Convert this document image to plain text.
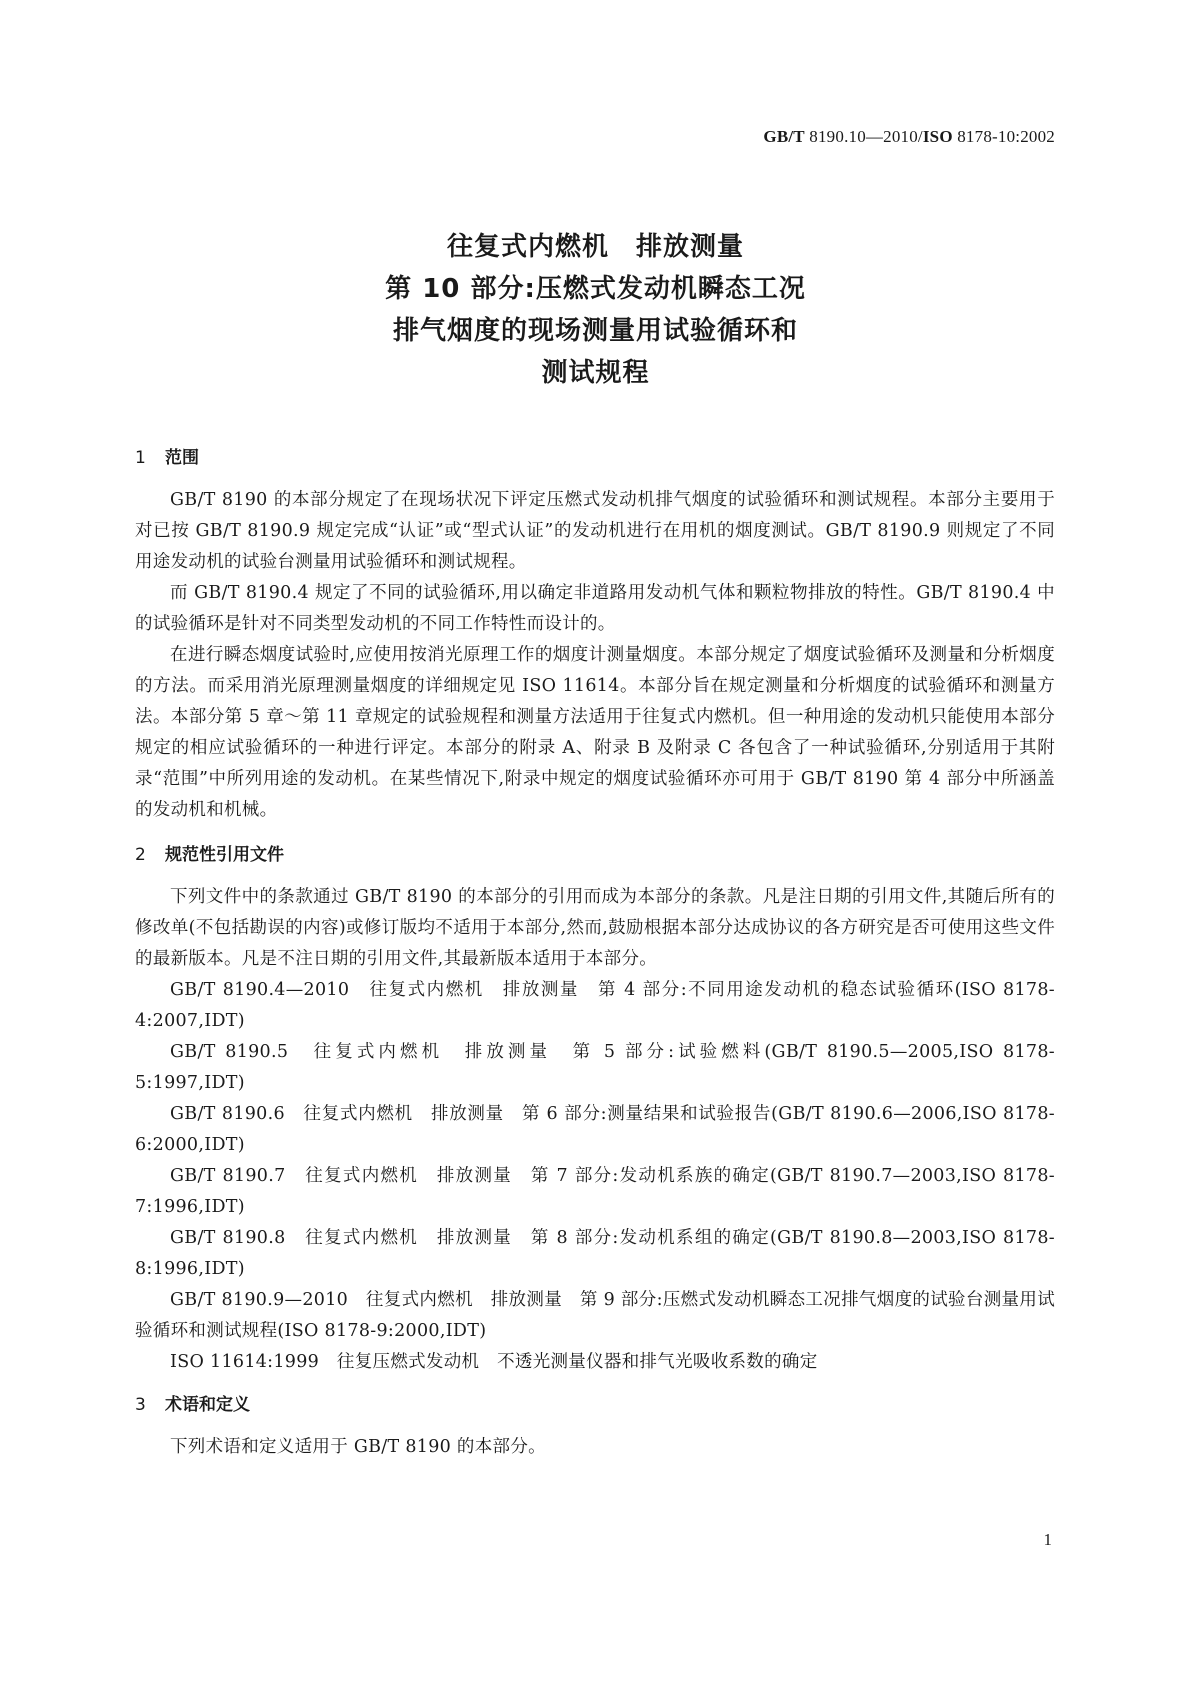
GB/T 8190.10—2010/ISO 8178-10:2002
往复式内燃机　排放测量
第 10 部分:压燃式发动机瞬态工况
排气烟度的现场测量用试验循环和
测试规程
1 范围

GB/T 8190 的本部分规定了在现场状况下评定压燃式发动机排气烟度的试验循环和测试规程。本部分主要用于对已按 GB/T 8190.9 规定完成“认证”或“型式认证”的发动机进行在用机的烟度测试。GB/T 8190.9 则规定了不同用途发动机的试验台测量用试验循环和测试规程。

而 GB/T 8190.4 规定了不同的试验循环,用以确定非道路用发动机气体和颗粒物排放的特性。GB/T 8190.4 中的试验循环是针对不同类型发动机的不同工作特性而设计的。

在进行瞬态烟度试验时,应使用按消光原理工作的烟度计测量烟度。本部分规定了烟度试验循环及测量和分析烟度的方法。而采用消光原理测量烟度的详细规定见 ISO 11614。本部分旨在规定测量和分析烟度的试验循环和测量方法。本部分第 5 章～第 11 章规定的试验规程和测量方法适用于往复式内燃机。但一种用途的发动机只能使用本部分规定的相应试验循环的一种进行评定。本部分的附录 A、附录 B 及附录 C 各包含了一种试验循环,分别适用于其附录“范围”中所列用途的发动机。在某些情况下,附录中规定的烟度试验循环亦可用于 GB/T 8190 第 4 部分中所涵盖的发动机和机械。

2 规范性引用文件

下列文件中的条款通过 GB/T 8190 的本部分的引用而成为本部分的条款。凡是注日期的引用文件,其随后所有的修改单(不包括勘误的内容)或修订版均不适用于本部分,然而,鼓励根据本部分达成协议的各方研究是否可使用这些文件的最新版本。凡是不注日期的引用文件,其最新版本适用于本部分。

GB/T 8190.4—2010　往复式内燃机　排放测量　第 4 部分:不同用途发动机的稳态试验循环(ISO 8178-4:2007,IDT)

GB/T 8190.5　往复式内燃机　排放测量　第 5 部分:试验燃料(GB/T 8190.5—2005,ISO 8178-5:1997,IDT)

GB/T 8190.6　往复式内燃机　排放测量　第 6 部分:测量结果和试验报告(GB/T 8190.6—2006,ISO 8178-6:2000,IDT)

GB/T 8190.7　往复式内燃机　排放测量　第 7 部分:发动机系族的确定(GB/T 8190.7—2003,ISO 8178-7:1996,IDT)

GB/T 8190.8　往复式内燃机　排放测量　第 8 部分:发动机系组的确定(GB/T 8190.8—2003,ISO 8178-8:1996,IDT)

GB/T 8190.9—2010　往复式内燃机　排放测量　第 9 部分:压燃式发动机瞬态工况排气烟度的试验台测量用试验循环和测试规程(ISO 8178-9:2000,IDT)

ISO 11614:1999　往复压燃式发动机　不透光测量仪器和排气光吸收系数的确定

3 术语和定义

下列术语和定义适用于 GB/T 8190 的本部分。

1
